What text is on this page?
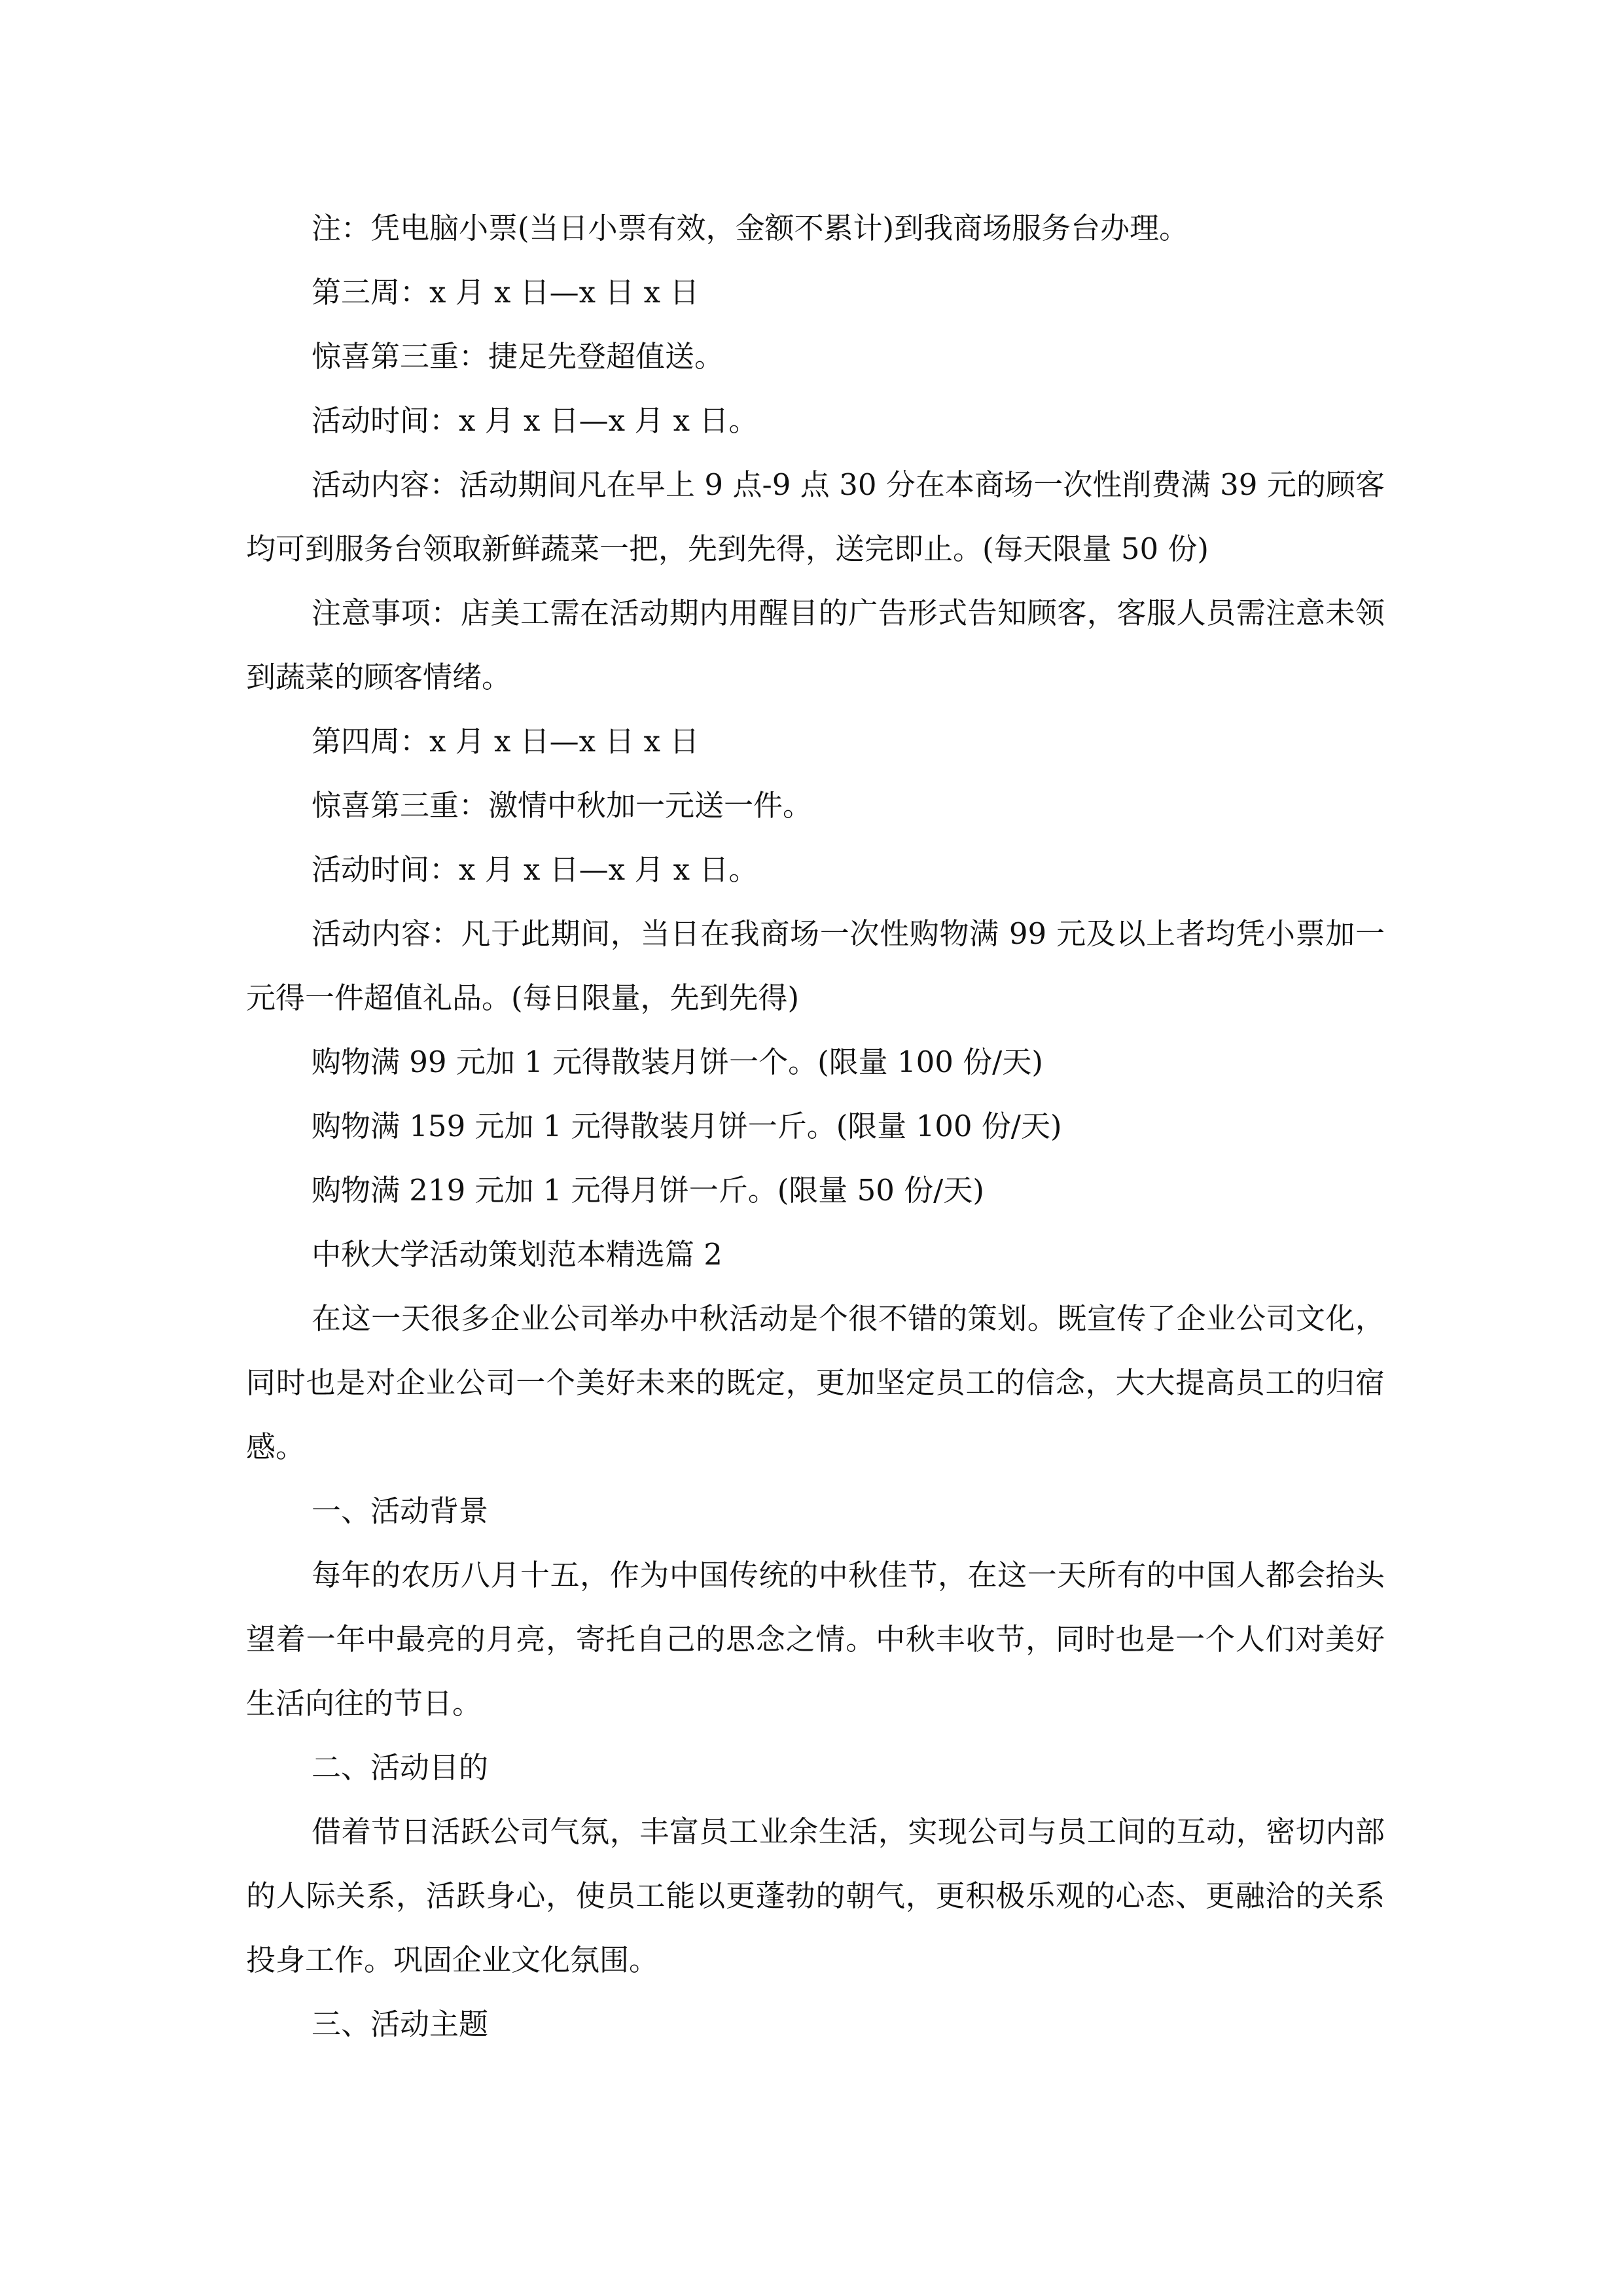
注：凭电脑小票(当日小票有效，金额不累计)到我商场服务台办理。

第三周：x 月 x 日—x 日 x 日

惊喜第三重：捷足先登超值送。

活动时间：x 月 x 日—x 月 x 日。

活动内容：活动期间凡在早上 9 点-9 点 30 分在本商场一次性削费满 39 元的顾客均可到服务台领取新鲜蔬菜一把，先到先得，送完即止。(每天限量 50 份)

注意事项：店美工需在活动期内用醒目的广告形式告知顾客，客服人员需注意未领到蔬菜的顾客情绪。

第四周：x 月 x 日—x 日 x 日

惊喜第三重：激情中秋加一元送一件。

活动时间：x 月 x 日—x 月 x 日。

活动内容：凡于此期间，当日在我商场一次性购物满 99 元及以上者均凭小票加一元得一件超值礼品。(每日限量，先到先得)

购物满 99 元加 1 元得散装月饼一个。(限量 100 份/天)

购物满 159 元加 1 元得散装月饼一斤。(限量 100 份/天)

购物满 219 元加 1 元得月饼一斤。(限量 50 份/天)

中秋大学活动策划范本精选篇 2

在这一天很多企业公司举办中秋活动是个很不错的策划。既宣传了企业公司文化，同时也是对企业公司一个美好未来的既定，更加坚定员工的信念，大大提高员工的归宿感。

一、活动背景

每年的农历八月十五，作为中国传统的中秋佳节，在这一天所有的中国人都会抬头望着一年中最亮的月亮，寄托自己的思念之情。中秋丰收节，同时也是一个人们对美好生活向往的节日。

二、活动目的

借着节日活跃公司气氛，丰富员工业余生活，实现公司与员工间的互动，密切内部的人际关系，活跃身心，使员工能以更蓬勃的朝气，更积极乐观的心态、更融洽的关系投身工作。巩固企业文化氛围。

三、活动主题
